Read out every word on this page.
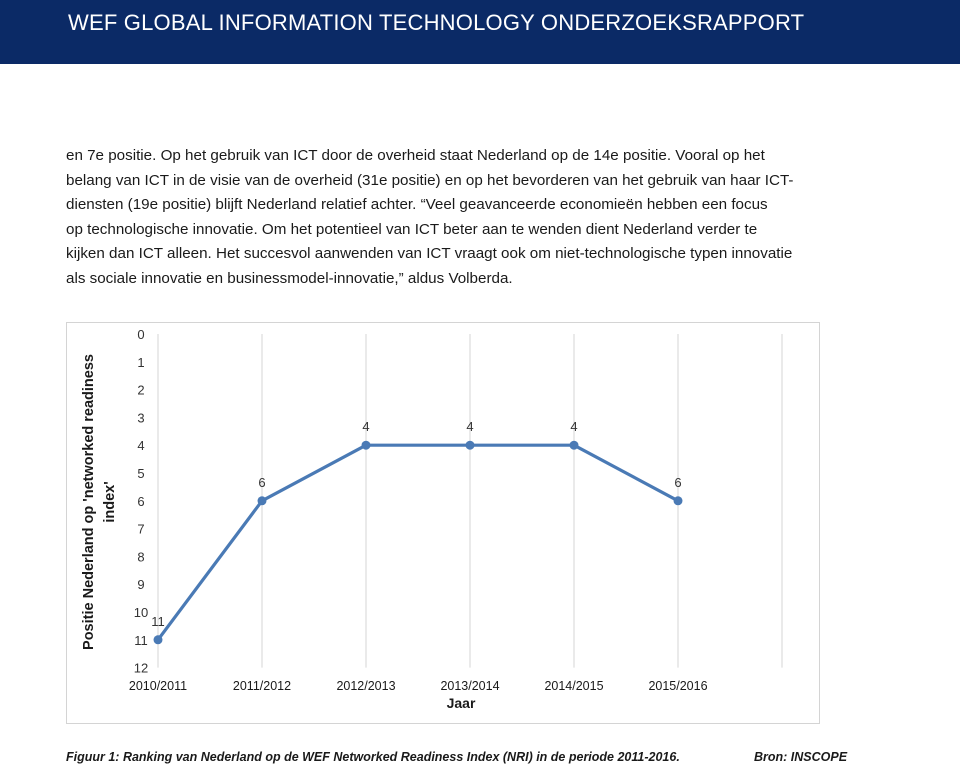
WEF GLOBAL INFORMATION TECHNOLOGY ONDERZOEKSRAPPORT
en 7e positie. Op het gebruik van ICT door de overheid staat Nederland op de 14e positie. Vooral op het
belang van ICT in de visie van de overheid (31e positie) en op het bevorderen van het gebruik van haar ICT-
diensten (19e positie) blijft Nederland relatief achter. “Veel geavanceerde economieën hebben een focus
op technologische innovatie. Om het potentieel van ICT beter aan te wenden dient Nederland verder te
kijken dan ICT alleen. Het succesvol aanwenden van ICT vraagt ook om niet-technologische typen innovatie
als sociale innovatie en businessmodel-innovatie,” aldus Volberda.
0
1
2
3
4
5
6
7
8
9
10
11
12
2010/2011	2011/2012	2012/2013	2013/2014	2014/2015	2015/2016
Jaar
Positie Nederland op 'networked readiness index'
11
6
4	4	4
6
Figuur 1: Ranking van Nederland op de WEF Networked Readiness Index (NRI) in de periode 2011-2016.	Bron: INSCOPE
